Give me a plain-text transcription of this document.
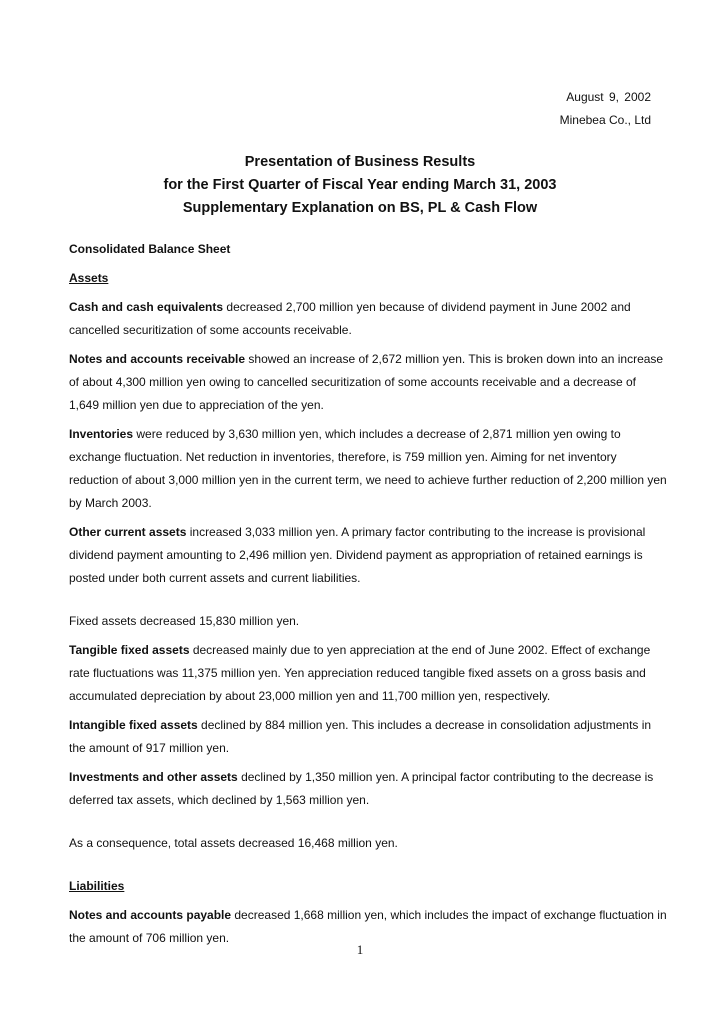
August 9, 2002
Minebea Co., Ltd
Presentation of Business Results
for the First Quarter of Fiscal Year ending March 31, 2003
Supplementary Explanation on BS, PL & Cash Flow
Consolidated Balance Sheet
Assets

Cash and cash equivalents decreased 2,700 million yen because of dividend payment in June 2002 and cancelled securitization of some accounts receivable.

Notes and accounts receivable showed an increase of 2,672 million yen. This is broken down into an increase of about 4,300 million yen owing to cancelled securitization of some accounts receivable and a decrease of 1,649 million yen due to appreciation of the yen.

Inventories were reduced by 3,630 million yen, which includes a decrease of 2,871 million yen owing to exchange fluctuation. Net reduction in inventories, therefore, is 759 million yen. Aiming for net inventory reduction of about 3,000 million yen in the current term, we need to achieve further reduction of 2,200 million yen by March 2003.

Other current assets increased 3,033 million yen. A primary factor contributing to the increase is provisional dividend payment amounting to 2,496 million yen. Dividend payment as appropriation of retained earnings is posted under both current assets and current liabilities.

Fixed assets decreased 15,830 million yen.

Tangible fixed assets decreased mainly due to yen appreciation at the end of June 2002. Effect of exchange rate fluctuations was 11,375 million yen. Yen appreciation reduced tangible fixed assets on a gross basis and accumulated depreciation by about 23,000 million yen and 11,700 million yen, respectively.

Intangible fixed assets declined by 884 million yen. This includes a decrease in consolidation adjustments in the amount of 917 million yen.

Investments and other assets declined by 1,350 million yen. A principal factor contributing to the decrease is deferred tax assets, which declined by 1,563 million yen.

As a consequence, total assets decreased 16,468 million yen.

Liabilities

Notes and accounts payable decreased 1,668 million yen, which includes the impact of exchange fluctuation in the amount of 706 million yen.

1
